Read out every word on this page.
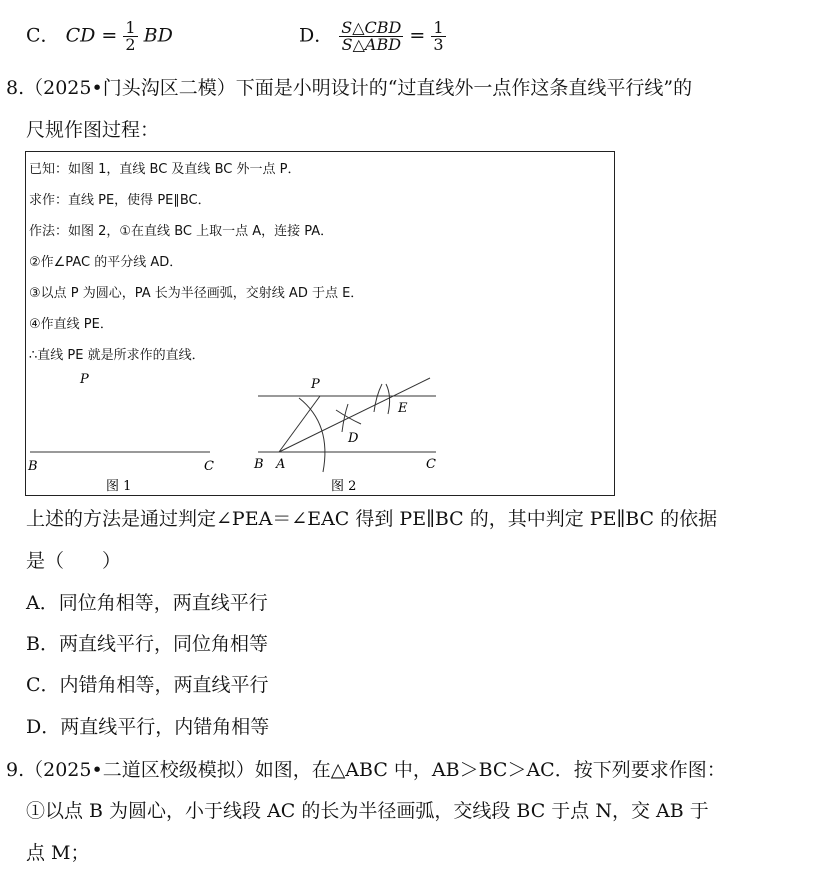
C． CD = $\frac{1}{2}$ BD	D． $\frac{\text{S△CBD}}{\text{S△ABD}} = \frac{1}{3}$
8.（2025•门头沟区二模）下面是小明设计的“过直线外一点作这条直线平行线”的
尺规作图过程：
已知：如图 1，直线 BC 及直线 BC 外一点 P．
求作：直线 PE，使得 PE∥BC．
作法：如图 2，①在直线 BC 上取一点 A，连接 PA．
②作∠PAC 的平分线 AD．
③以点 P 为圆心，PA 长为半径画弧，交射线 AD 于点 E．
④作直线 PE．
∴直线 PE 就是所求作的直线．
P
B	C
图 1
P
E
D
B A	C
图 2
上述的方法是通过判定∠PEA＝∠EAC 得到 PE∥BC 的，其中判定 PE∥BC 的依据
是（　　）
A．同位角相等，两直线平行
B．两直线平行，同位角相等
C．内错角相等，两直线平行
D．两直线平行，内错角相等
9.（2025•二道区校级模拟）如图，在△ABC 中，AB＞BC＞AC．按下列要求作图：
①以点 B 为圆心，小于线段 AC 的长为半径画弧，交线段 BC 于点 N，交 AB 于
点 M；
